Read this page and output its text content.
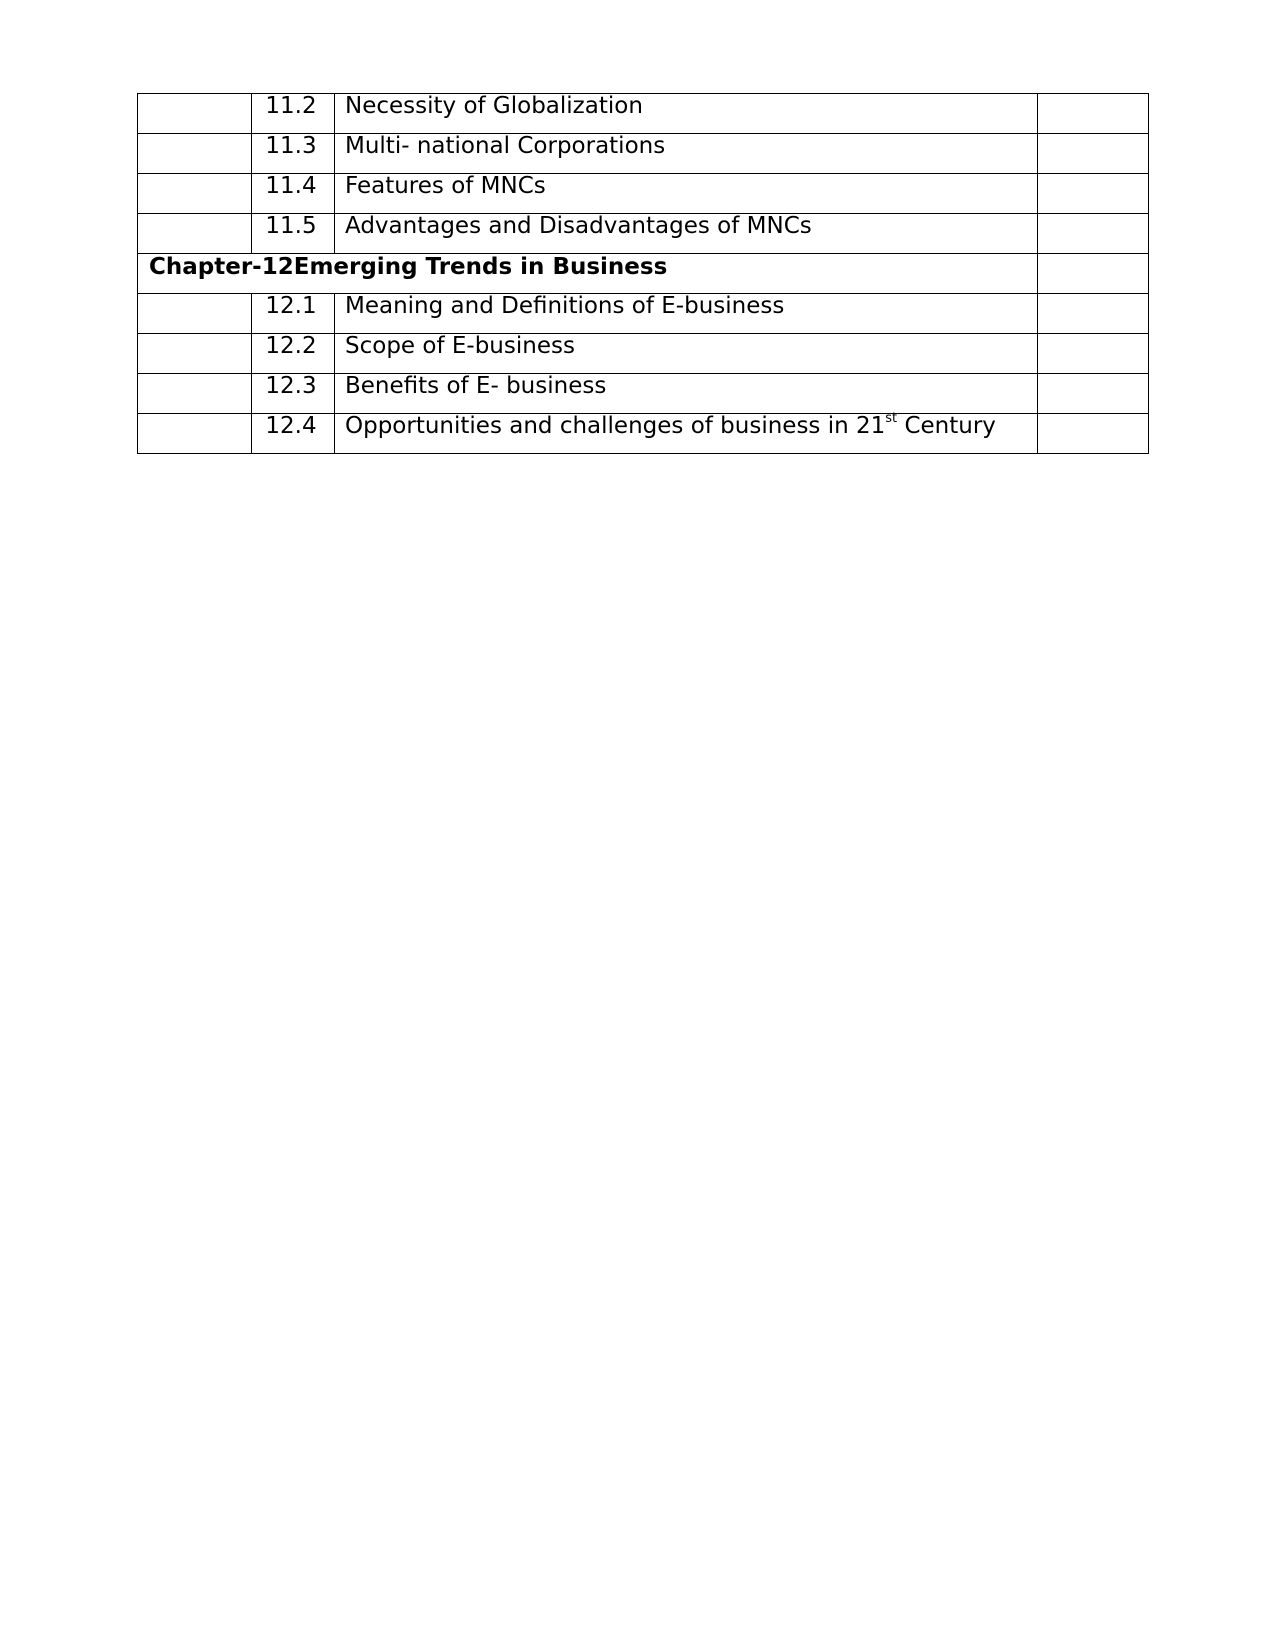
	11.2	Necessity of Globalization	
	11.3	Multi- national Corporations	
	11.4	Features of MNCs	
	11.5	Advantages and Disadvantages of MNCs	
Chapter-12Emerging Trends in Business			
	12.1	Meaning and Definitions of E-business	
	12.2	Scope of E-business	
	12.3	Benefits of E- business	
	12.4	Opportunities and challenges of business in 21st Century	
